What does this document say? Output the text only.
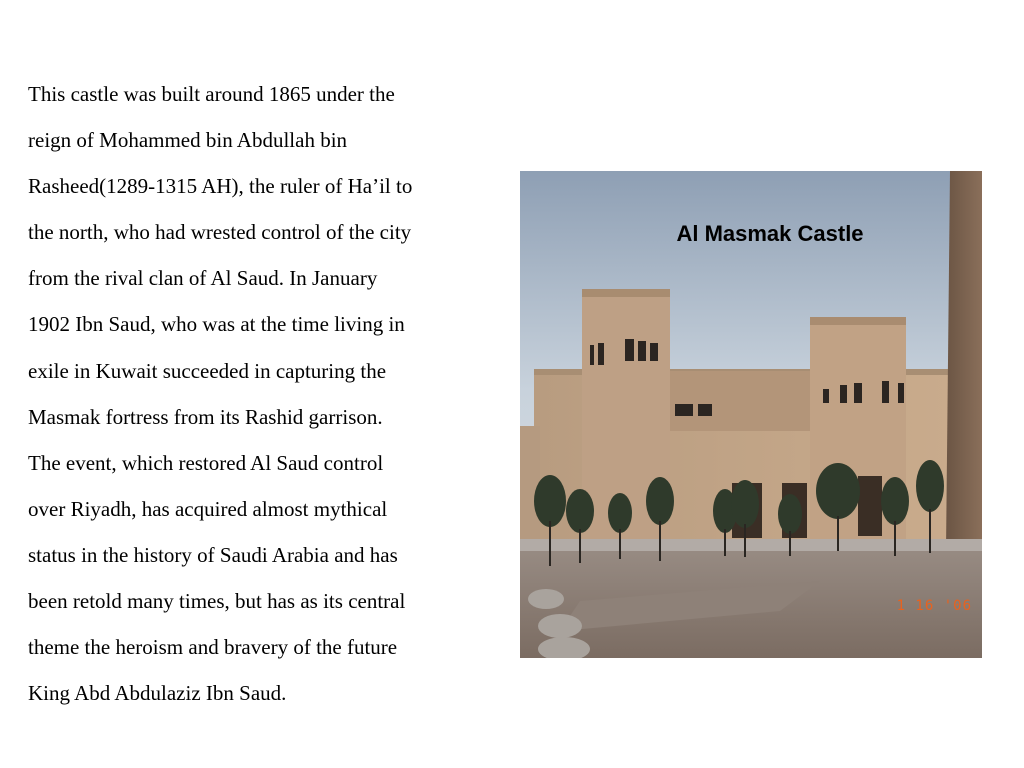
This castle was built around 1865 under the
reign of Mohammed bin Abdullah bin
Rasheed(1289-1315 AH), the ruler of Ha’il to
the north, who had wrested control of the city
from the rival clan of Al Saud. In January
1902 Ibn Saud, who was at the time living in
exile in Kuwait succeeded in capturing the
Masmak fortress from its Rashid garrison.
The event, which restored Al Saud control
over Riyadh, has acquired almost mythical
status in the history of Saudi Arabia and has
been retold many times, but has as its central
theme the heroism and bravery of the future
King Abd Abdulaziz Ibn Saud.

Al Masmak Castle
1 16 '06
